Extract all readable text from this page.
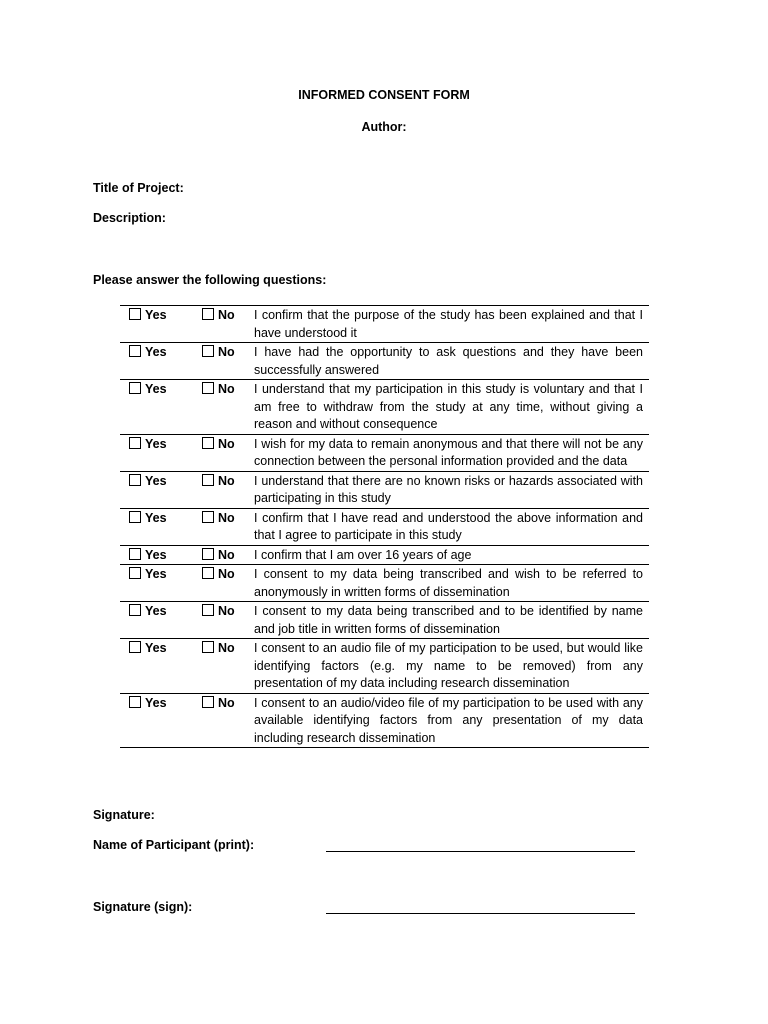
INFORMED CONSENT FORM
Author:
Title of Project:
Description:
Please answer the following questions:
Yes	No	I confirm that the purpose of the study has been explained and that I have understood it
Yes	No	I have had the opportunity to ask questions and they have been successfully answered
Yes	No	I understand that my participation in this study is voluntary and that I am free to withdraw from the study at any time, without giving a reason and without consequence
Yes	No	I wish for my data to remain anonymous and that there will not be any connection between the personal information provided and the data
Yes	No	I understand that there are no known risks or hazards associated with participating in this study
Yes	No	I confirm that I have read and understood the above information and that I agree to participate in this study
Yes	No	I confirm that I am over 16 years of age
Yes	No	I consent to my data being transcribed and wish to be referred to anonymously in written forms of dissemination
Yes	No	I consent to my data being transcribed and to be identified by name and job title in written forms of dissemination
Yes	No	I consent to an audio file of my participation to be used, but would like identifying factors (e.g. my name to be removed) from any presentation of my data including research dissemination
Yes	No	I consent to an audio/video file of my participation to be used with any available identifying factors from any presentation of my data including research dissemination
Signature:
Name of Participant (print):
Signature (sign):
